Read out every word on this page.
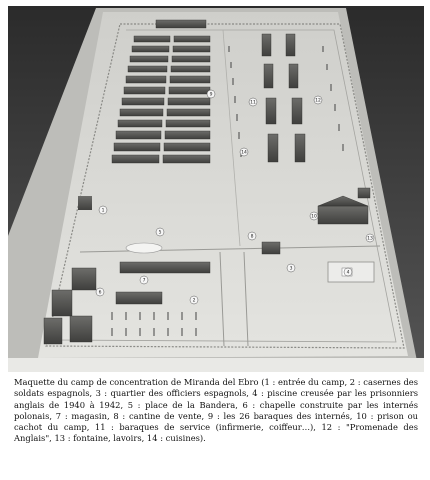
1
2
3
4
5
6
7
8
9
10
11	12
13
14
Maquette du camp de concentration de Miranda del Ebro (1 : entrée du camp, 2 : casernes des soldats espagnols, 3 : quartier des officiers espagnols, 4 : piscine creusée par les prisonniers anglais de 1940 à 1942, 5 : place de la Bandera, 6 : chapelle construite par les internés polonais, 7 : magasin, 8 : cantine de vente, 9 : les 26 baraques des internés, 10 : prison ou cachot du camp, 11 : baraques de service (infirmerie, coiffeur…), 12 : "Promenade des Anglais", 13 : fontaine, lavoirs, 14 : cuisines).
